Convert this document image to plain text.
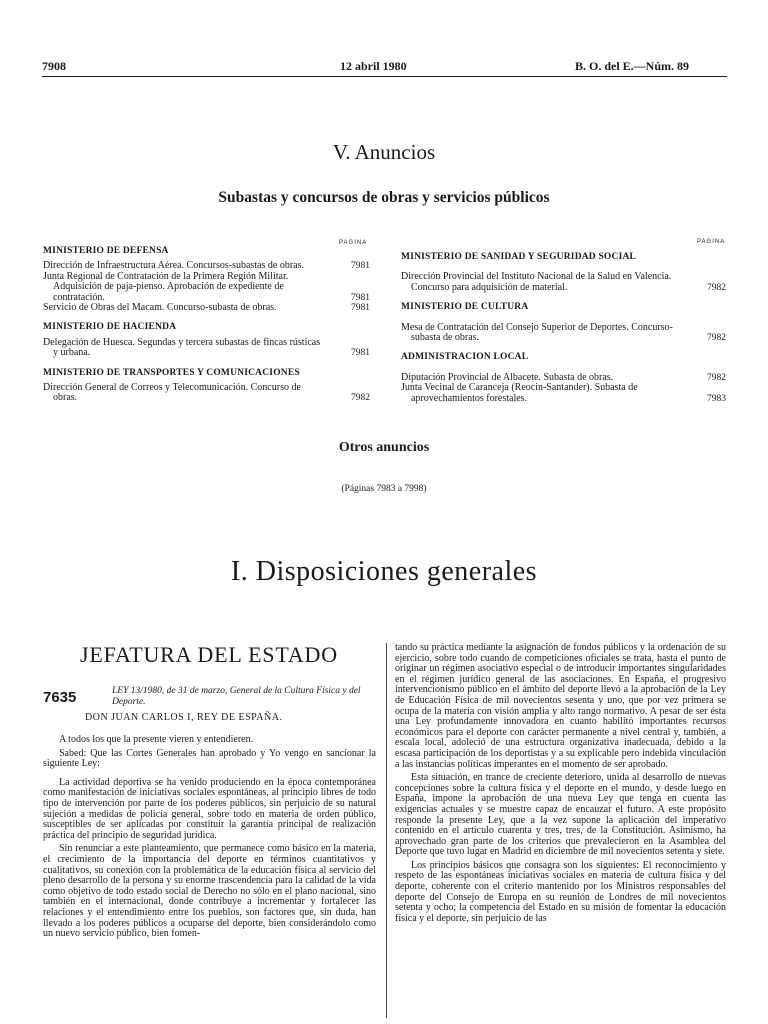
7908	12 abril 1980	B. O. del E.—Núm. 89
V. Anuncios
Subastas y concursos de obras y servicios públicos
PAGINA	PAGINA
MINISTERIO DE DEFENSA
Dirección de Infraestructura Aérea. Concursos-subastas de obras.	7981
Junta Regional de Contratación de la Primera Región Militar. Adquisición de paja-pienso. Aprobación de expediente de contratación.	7981
Servicio de Obras del Macam. Concurso-subasta de obras.	7981
MINISTERIO DE HACIENDA
Delegación de Huesca. Segundas y tercera subastas de fincas rústicas y urbana.	7981
MINISTERIO DE TRANSPORTES Y COMUNICACIONES
Dirección General de Correos y Telecomunicación. Concurso de obras.	7982
MINISTERIO DE SANIDAD Y SEGURIDAD SOCIAL
Dirección Provincial del Instituto Nacional de la Salud en Valencia. Concurso para adquisición de material.	7982
MINISTERIO DE CULTURA
Mesa de Contratación del Consejo Superior de Deportes. Concurso-subasta de obras.	7982
ADMINISTRACION LOCAL
Diputación Provincial de Albacete. Subasta de obras.	7982
Junta Vecinal de Caranceja (Reocin-Santander). Subasta de aprovechamientos forestales.	7983
Otros anuncios
(Páginas 7983 a 7998)
I. Disposiciones generales
JEFATURA DEL ESTADO
7635	LEY 13/1980, de 31 de marzo, General de la Cultura Física y del Deporte.
DON JUAN CARLOS I, REY DE ESPAÑA.

A todos los que la presente vieren y entendieren.

Sabed: Que las Cortes Generales han aprobado y Yo vengo en sancionar la siguiente Ley:

La actividad deportiva se ha venido produciendo en la época contemporánea como manifestación de iniciativas sociales espontáneas, al principio libres de todo tipo de intervención por parte de los poderes públicos, sin perjuicio de su natural sujeción a medidas de policía general, sobre todo en materia de orden público, susceptibles de ser aplicadas por constituir la garantía principal de realización práctica del principio de seguridad jurídica.

Sin renunciar a este planteamiento, que permanece como básico en la materia, el crecimiento de la importancia del deporte en términos cuantitativos y cualitativos, su conexión con la problemática de la educación física al servicio del pleno desarrollo de la persona y su enorme trascendencia para la calidad de la vida como objetivo de todo estado social de Derecho no sólo en el plano nacional, sino también en el internacional, donde contribuye a incrementar y fortalecer las relaciones y el entendimiento entre los pueblos, son factores que, sin duda, han llevado a los poderes públicos a ocuparse del deporte, bien considerándolo como un nuevo servicio público, bien fomen-

tando su práctica mediante la asignación de fondos públicos y la ordenación de su ejercicio, sobre todo cuando de competiciones oficiales se trata, hasta el punto de originar un régimen asociativo especial o de introducir importantes singularidades en el régimen jurídico general de las asociaciones. En España, el progresivo intervencionismo público en el ámbito del deporte llevó a la aprobación de la Ley de Educación Física de mil novecientos sesenta y uno, que por vez primera se ocupa de la materia con visión amplia y alto rango normativo. A pesar de ser ésta una Ley profundamente innovadora en cuanto habilitó importantes recursos económicos para el deporte con carácter permanente a nivel central y, también, a escala local, adoleció de una estructura organizativa inadecuada, debido a la escasa participación de los deportistas y a su explicable pero indebida vinculación a las instancias políticas imperantes en el momento de ser aprobado.

Esta situación, en trance de creciente deterioro, unida al desarrollo de nuevas concepciones sobre la cultura física y el deporte en el mundo, y desde luego en España, impone la aprobación de una nueva Ley que tenga en cuenta las exigencias actuales y se muestre capaz de encauzar el futuro. A este propósito responde la presente Ley, que a la vez supone la aplicación del imperativo contenido en el artículo cuarenta y tres, tres, de la Constitución. Asimismo, ha aprovechado gran parte de los criterios que prevalecieron en la Asamblea del Deporte que tuvo lugar en Madrid en diciembre de mil novecientos setenta y siete.

Los principios básicos que consagra son los siguientes: El reconocimiento y respeto de las espontáneas iniciativas sociales en materia de cultura física y del deporte, coherente con el criterio mantenido por los Ministros responsables del deporte del Consejo de Europa en su reunión de Londres de mil novecientos setenta y ocho; la competencia del Estado en su misión de fomentar la educación física y el deporte, sin perjuicio de las
